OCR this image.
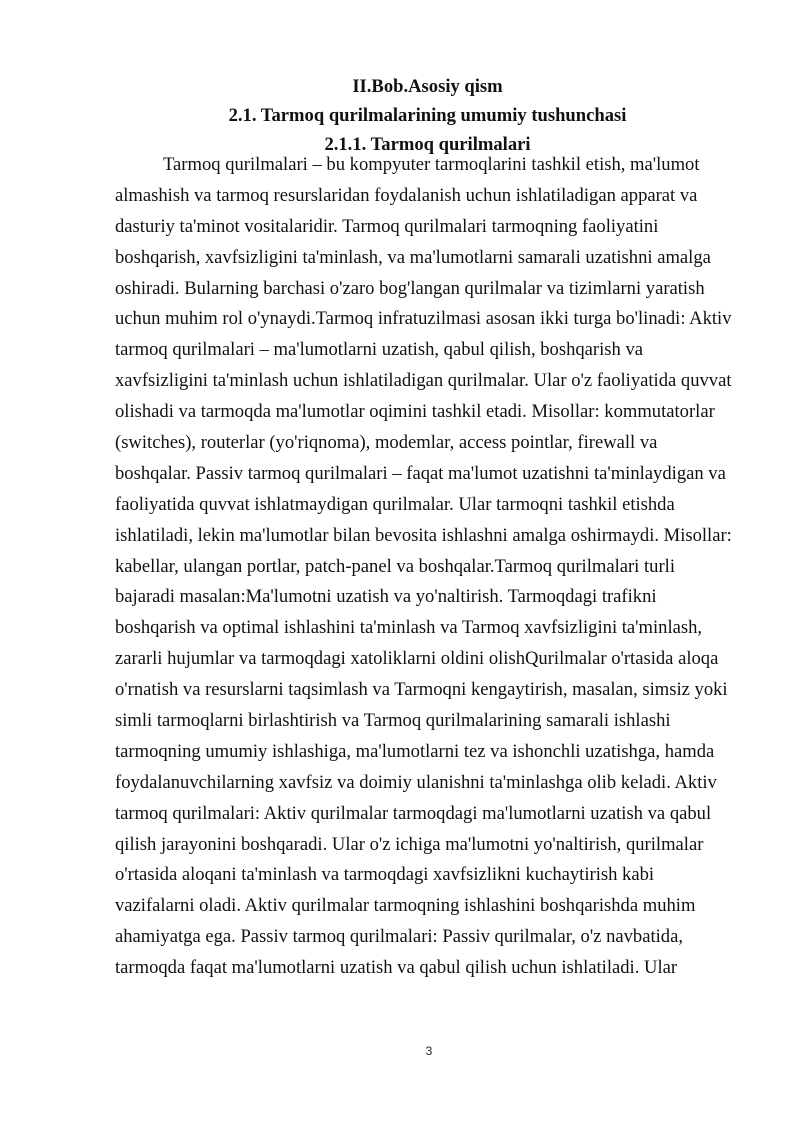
II.Bob.Asosiy qism
2.1. Tarmoq qurilmalarining umumiy tushunchasi
2.1.1. Tarmoq qurilmalari
Tarmoq qurilmalari – bu kompyuter tarmoqlarini tashkil etish, ma'lumot
almashish va tarmoq resurslaridan foydalanish uchun ishlatiladigan apparat va
dasturiy ta'minot vositalaridir. Tarmoq qurilmalari tarmoqning faoliyatini
boshqarish, xavfsizligini ta'minlash, va ma'lumotlarni samarali uzatishni amalga
oshiradi. Bularning barchasi o'zaro bog'langan qurilmalar va tizimlarni yaratish
uchun muhim rol o'ynaydi.Tarmoq infratuzilmasi asosan ikki turga bo'linadi: Aktiv
tarmoq qurilmalari – ma'lumotlarni uzatish, qabul qilish, boshqarish va
xavfsizligini ta'minlash uchun ishlatiladigan qurilmalar. Ular o'z faoliyatida quvvat
olishadi va tarmoqda ma'lumotlar oqimini tashkil etadi. Misollar: kommutatorlar
(switches), routerlar (yo'riqnoma), modemlar, access pointlar, firewall va
boshqalar. Passiv tarmoq qurilmalari – faqat ma'lumot uzatishni ta'minlaydigan va
faoliyatida quvvat ishlatmaydigan qurilmalar. Ular tarmoqni tashkil etishda
ishlatiladi, lekin ma'lumotlar bilan bevosita ishlashni amalga oshirmaydi. Misollar:
kabellar, ulangan portlar, patch-panel va boshqalar.Tarmoq qurilmalari turli
bajaradi masalan:Ma'lumotni uzatish va yo'naltirish. Tarmoqdagi trafikni
boshqarish va optimal ishlashini ta'minlash va Tarmoq xavfsizligini ta'minlash,
zararli hujumlar va tarmoqdagi xatoliklarni oldini olishQurilmalar o'rtasida aloqa
o'rnatish va resurslarni taqsimlash va Tarmoqni kengaytirish, masalan, simsiz yoki
simli tarmoqlarni birlashtirish va Tarmoq qurilmalarining samarali ishlashi
tarmoqning umumiy ishlashiga, ma'lumotlarni tez va ishonchli uzatishga, hamda
foydalanuvchilarning xavfsiz va doimiy ulanishni ta'minlashga olib keladi. Aktiv
tarmoq qurilmalari: Aktiv qurilmalar tarmoqdagi ma'lumotlarni uzatish va qabul
qilish jarayonini boshqaradi. Ular o'z ichiga ma'lumotni yo'naltirish, qurilmalar
o'rtasida aloqani ta'minlash va tarmoqdagi xavfsizlikni kuchaytirish kabi
vazifalarni oladi. Aktiv qurilmalar tarmoqning ishlashini boshqarishda muhim
ahamiyatga ega. Passiv tarmoq qurilmalari: Passiv qurilmalar, o'z navbatida,
tarmoqda faqat ma'lumotlarni uzatish va qabul qilish uchun ishlatiladi. Ular
3
